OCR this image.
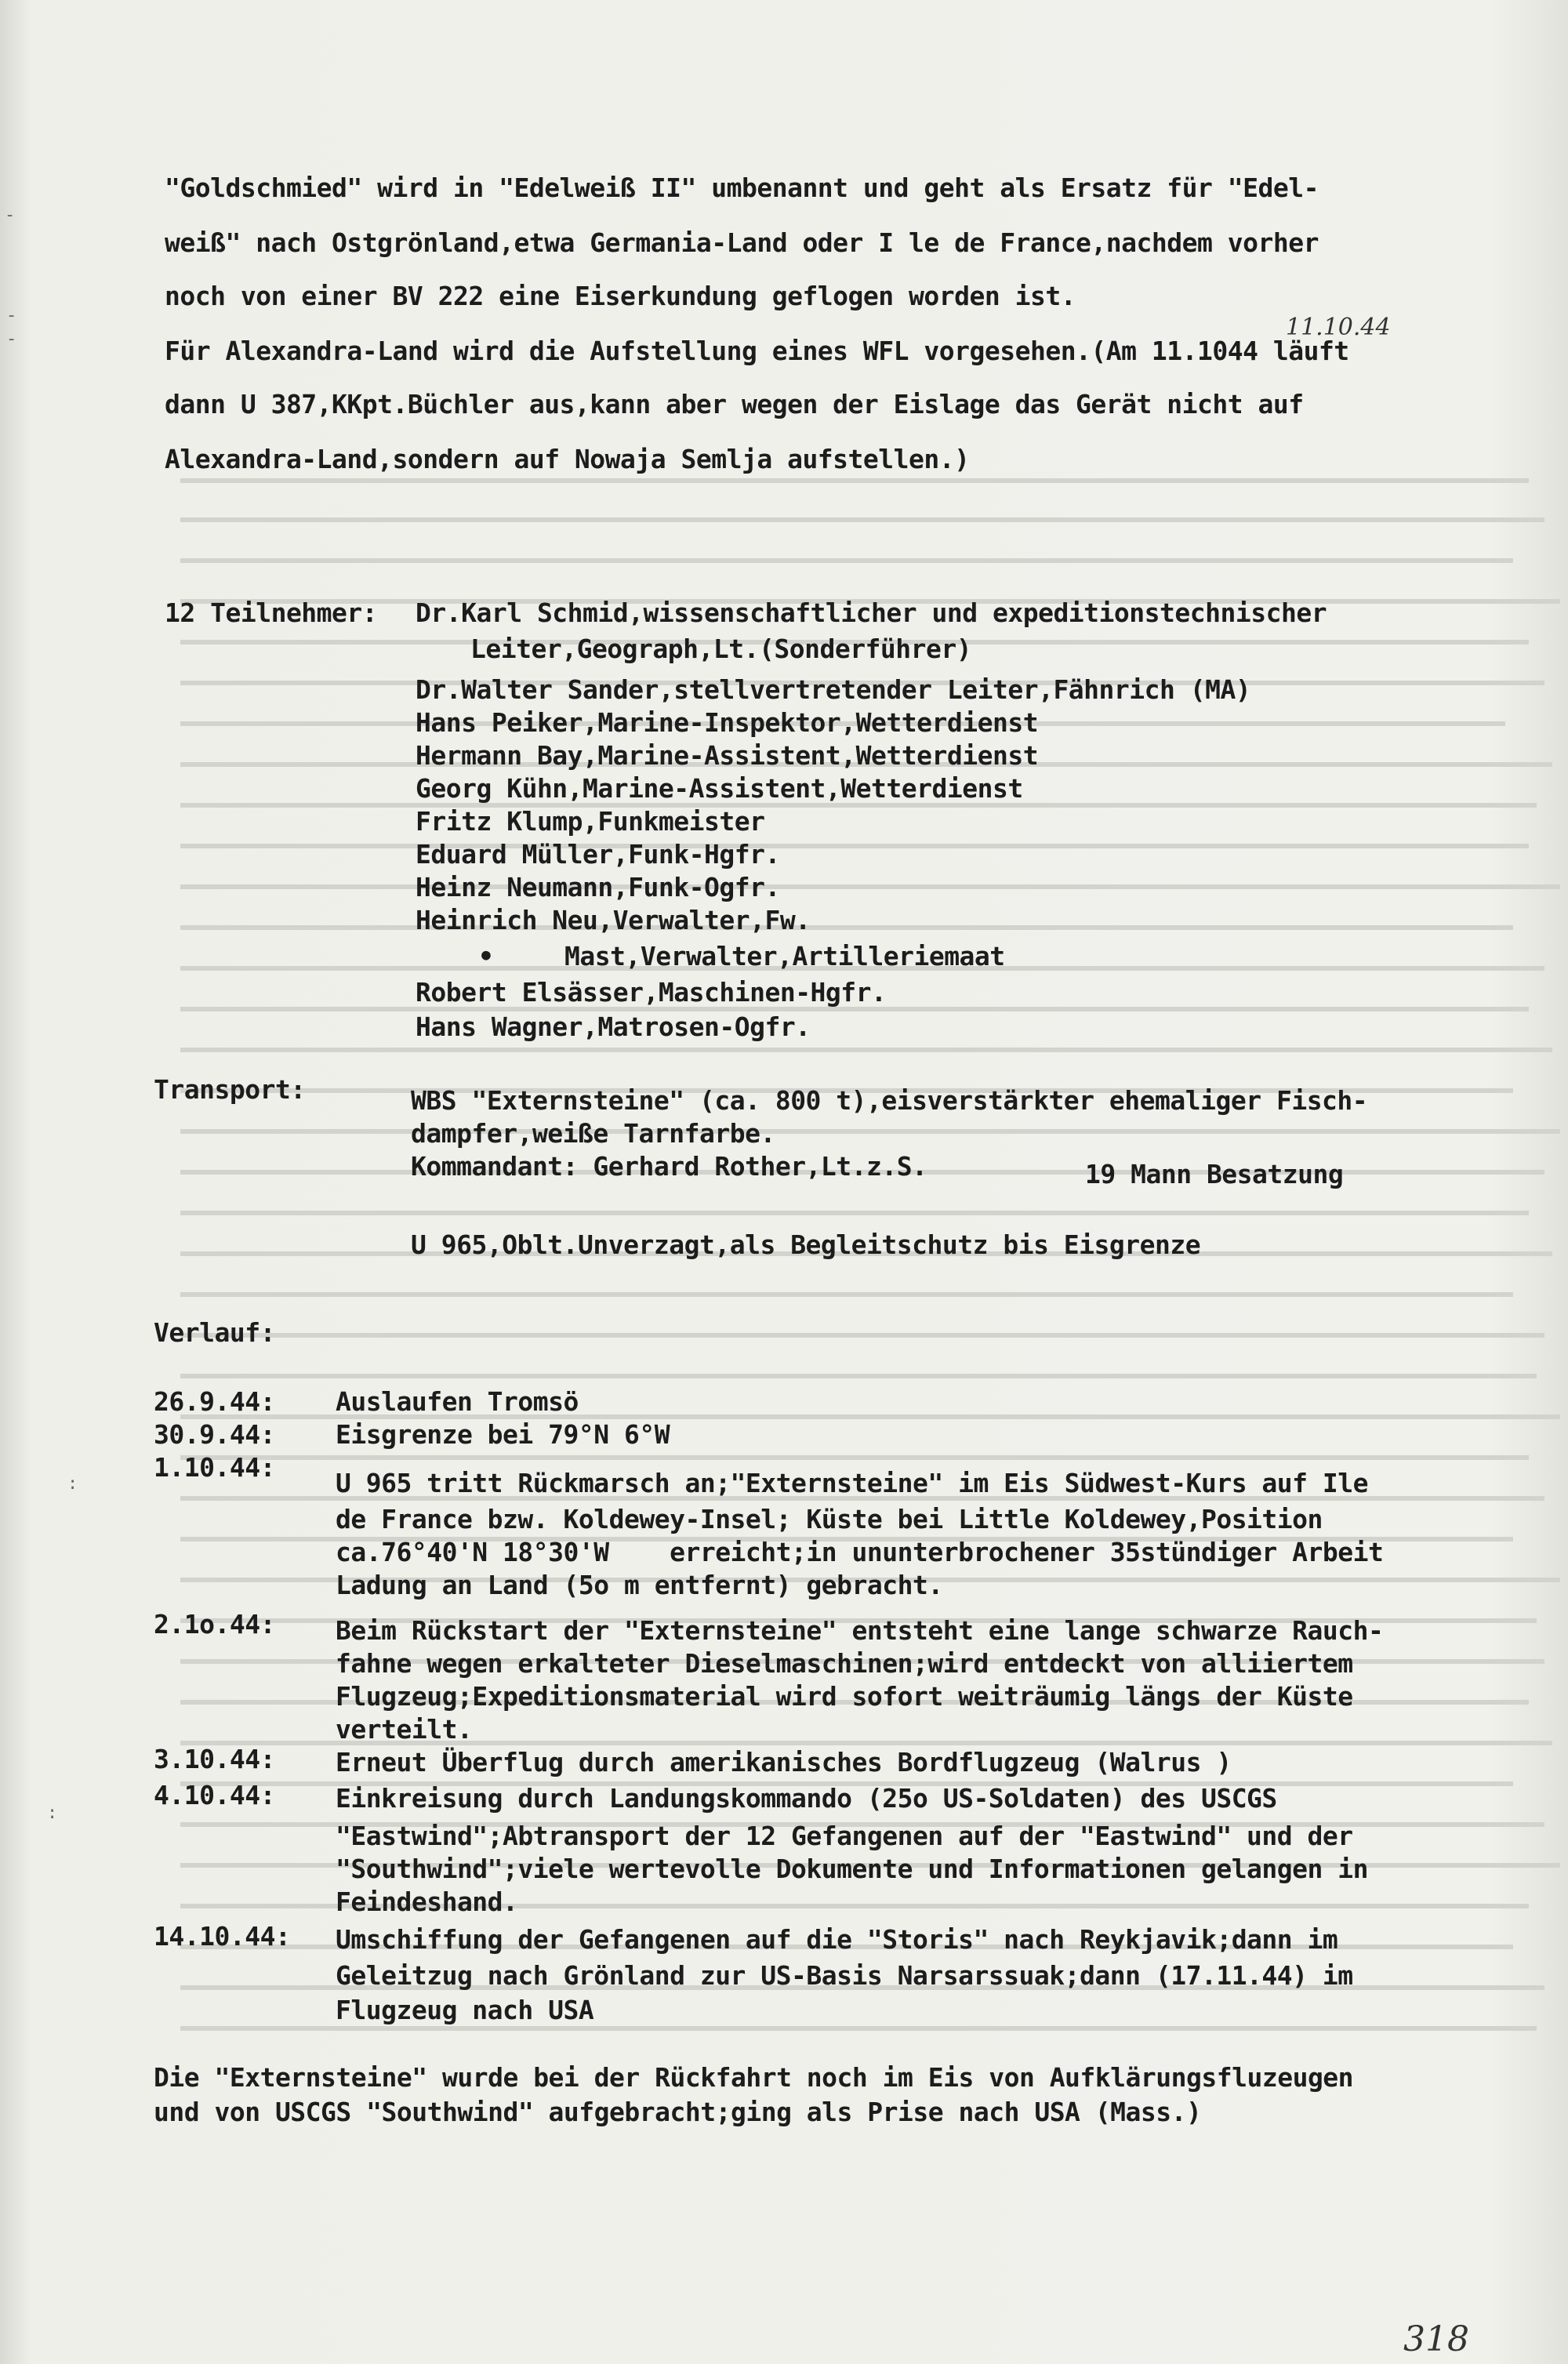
-
-
-
:
:
"Goldschmied" wird in "Edelweiß II" umbenannt und geht als Ersatz für "Edel-
weiß" nach Ostgrönland,etwa Germania-Land oder I le de France,nachdem vorher
noch von einer BV 222 eine Eiserkundung geflogen worden ist.
11.10.44
Für Alexandra-Land wird die Aufstellung eines WFL vorgesehen.(Am 11.1044 läuft
dann U 387,KKpt.Büchler aus,kann aber wegen der Eislage das Gerät nicht auf
Alexandra-Land,sondern auf Nowaja Semlja aufstellen.)
12 Teilnehmer: Dr.Karl Schmid,wissenschaftlicher und expeditionstechnischer
Leiter,Geograph,Lt.(Sonderführer)
Dr.Walter Sander,stellvertretender Leiter,Fähnrich (MA)
Hans Peiker,Marine-Inspektor,Wetterdienst
Hermann Bay,Marine-Assistent,Wetterdienst
Georg Kühn,Marine-Assistent,Wetterdienst
Fritz Klump,Funkmeister
Eduard Müller,Funk-Hgfr.
Heinz Neumann,Funk-Ogfr.
Heinrich Neu,Verwalter,Fw.
•	Mast,Verwalter,Artilleriemaat
Robert Elsässer,Maschinen-Hgfr.
Hans Wagner,Matrosen-Ogfr.
Transport:	WBS "Externsteine" (ca. 800 t),eisverstärkter ehemaliger Fisch-
dampfer,weiße Tarnfarbe.
Kommandant: Gerhard Rother,Lt.z.S.	19 Mann Besatzung
U 965,Oblt.Unverzagt,als Begleitschutz bis Eisgrenze
Verlauf:
26.9.44: Auslaufen Tromsö
30.9.44: Eisgrenze bei 79°N 6°W
1.10.44:
U 965 tritt Rückmarsch an;"Externsteine" im Eis Südwest-Kurs auf Ile
de France bzw. Koldewey-Insel; Küste bei Little Koldewey,Position
ca.76°40'N 18°30'W    erreicht;in ununterbrochener 35stündiger Arbeit
Ladung an Land (5o m entfernt) gebracht.
2.1o.44: Beim Rückstart der "Externsteine" entsteht eine lange schwarze Rauch-
fahne wegen erkalteter Dieselmaschinen;wird entdeckt von alliiertem
Flugzeug;Expeditionsmaterial wird sofort weiträumig längs der Küste
verteilt.
3.10.44: Erneut Überflug durch amerikanisches Bordflugzeug (Walrus )
4.10.44: Einkreisung durch Landungskommando (25o US-Soldaten) des USCGS
"Eastwind";Abtransport der 12 Gefangenen auf der "Eastwind" und der
"Southwind";viele wertevolle Dokumente und Informationen gelangen in
Feindeshand.
14.10.44: Umschiffung der Gefangenen auf die "Storis" nach Reykjavik;dann im
Geleitzug nach Grönland zur US-Basis Narsarssuak;dann (17.11.44) im
Flugzeug nach USA
Die "Externsteine" wurde bei der Rückfahrt noch im Eis von Aufklärungsfluzeugen
und von USCGS "Southwind" aufgebracht;ging als Prise nach USA (Mass.)
318
